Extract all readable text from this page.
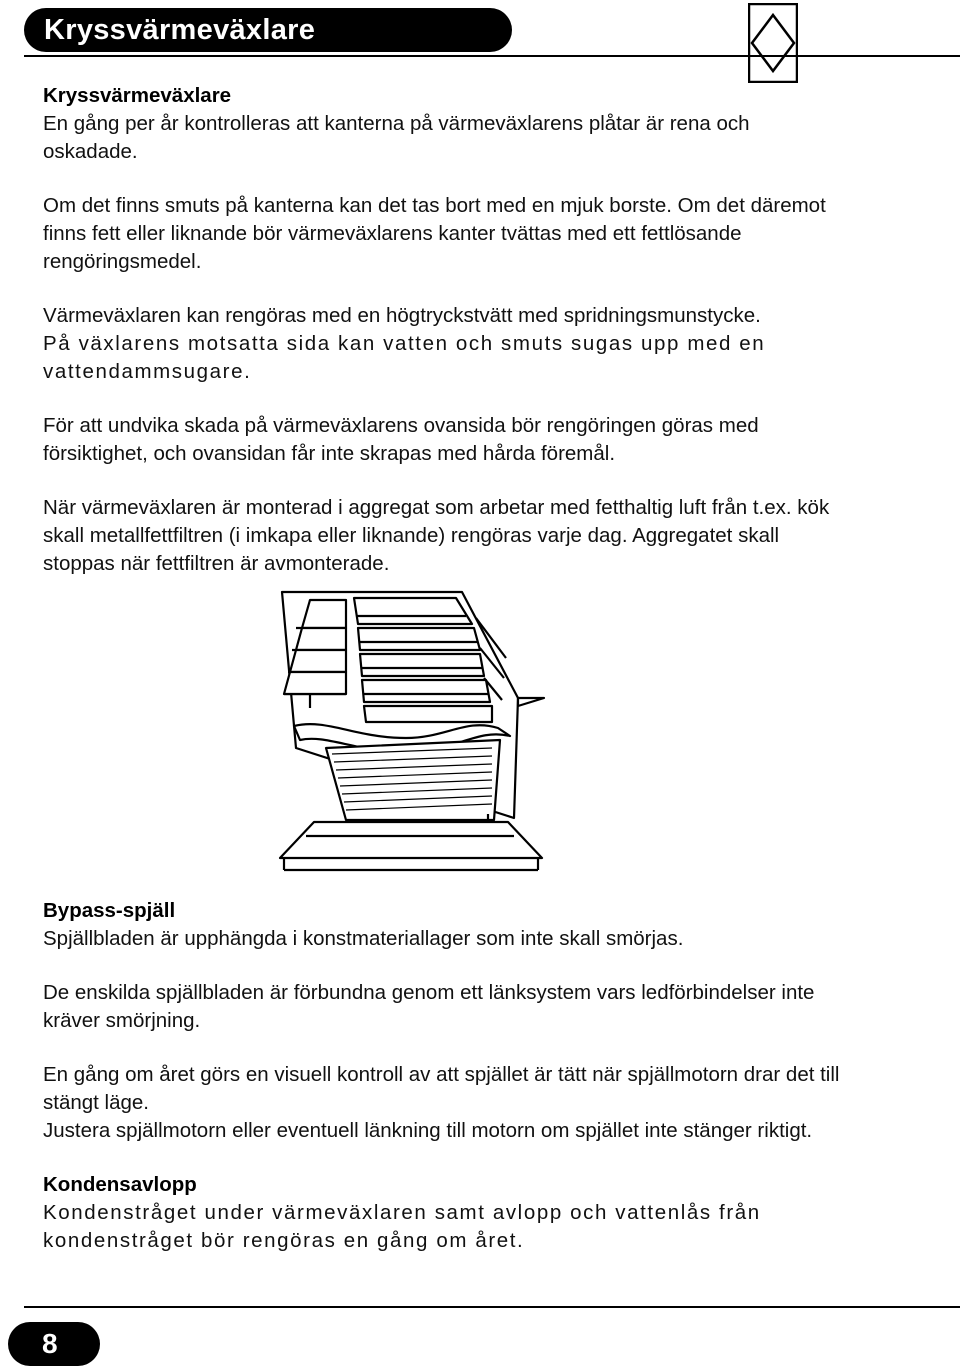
Kryssvärmeväxlare

Kryssvärmeväxlare

En gång per år kontrolleras att kanterna på värmeväxlarens plåtar är rena och oskadade.

Om det finns smuts på kanterna kan det tas bort med en mjuk borste. Om det däremot finns fett eller liknande bör värmeväxlarens kanter tvättas med ett fettlösande rengöringsmedel.

Värmeväxlaren kan rengöras med en högtryckstvätt med spridningsmunstycke.

På växlarens motsatta sida kan vatten och smuts sugas upp med en vattendammsugare.

För att undvika skada på värmeväxlarens ovansida bör rengöringen göras med försiktighet, och ovansidan får inte skrapas med hårda föremål.

När värmeväxlaren är monterad i aggregat som arbetar med fetthaltig luft från t.ex. kök skall metallfettfiltren (i imkapa eller liknande) rengöras varje dag. Aggregatet skall stoppas när fettfiltren är avmonterade.

Bypass-spjäll

Spjällbladen är upphängda i konstmateriallager som inte skall smörjas.

De enskilda spjällbladen är förbundna genom ett länksystem vars ledförbindelser inte kräver smörjning.

En gång om året görs en visuell kontroll av att spjället är tätt när spjällmotorn drar det till stängt läge.

Justera spjällmotorn eller eventuell länkning till motorn om spjället inte stänger riktigt.

Kondensavlopp

Kondenstråget under värmeväxlaren samt avlopp och vattenlås från kondenstråget bör rengöras en gång om året.

8
